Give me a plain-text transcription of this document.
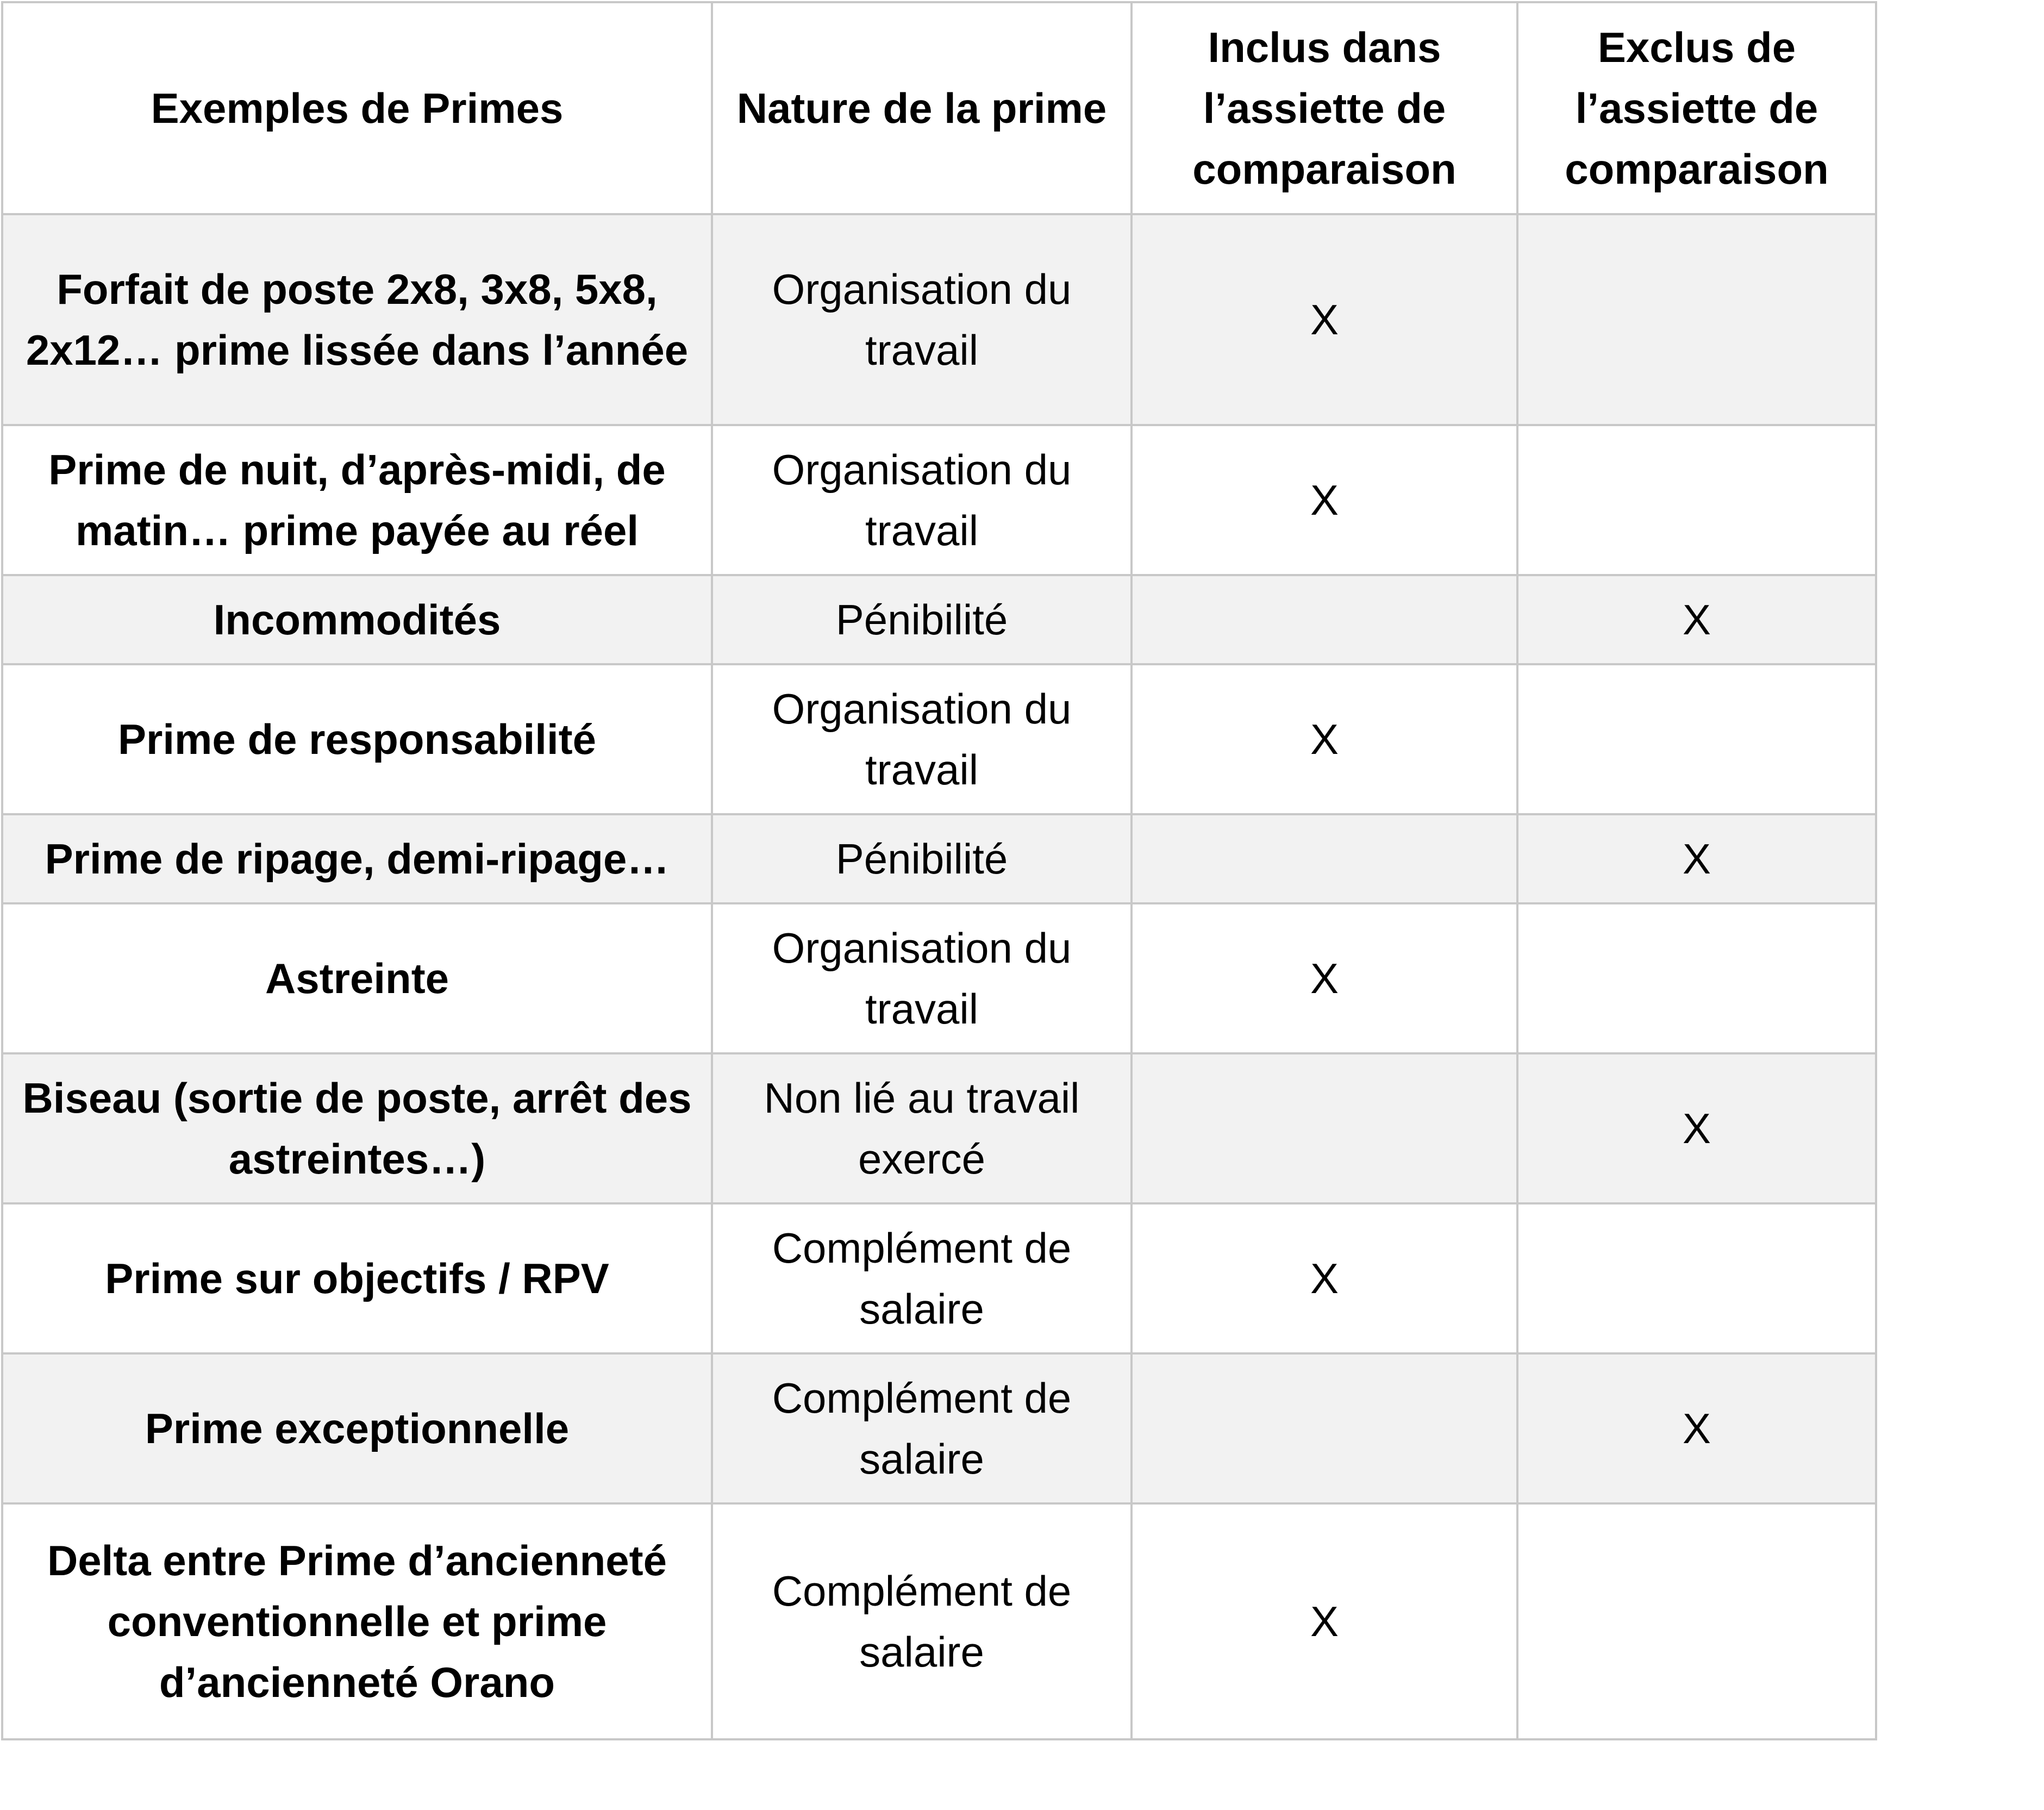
Exemples de Primes	Nature de la prime	Inclus dans l’assiette de comparaison	Exclus de l’assiette de comparaison
Forfait de poste 2x8, 3x8, 5x8, 2x12… prime lissée dans l’année	Organisation du travail	X	
Prime de nuit, d’après-midi, de matin… prime payée au réel	Organisation du travail	X	
Incommodités	Pénibilité		X
Prime de responsabilité	Organisation du travail	X	
Prime de ripage, demi-ripage…	Pénibilité		X
Astreinte	Organisation du travail	X	
Biseau (sortie de poste, arrêt des astreintes…)	Non lié au travail exercé		X
Prime sur objectifs / RPV	Complément de salaire	X	
Prime exceptionnelle	Complément de salaire		X
Delta entre Prime d’ancienneté conventionnelle et prime d’ancienneté Orano	Complément de salaire	X	
